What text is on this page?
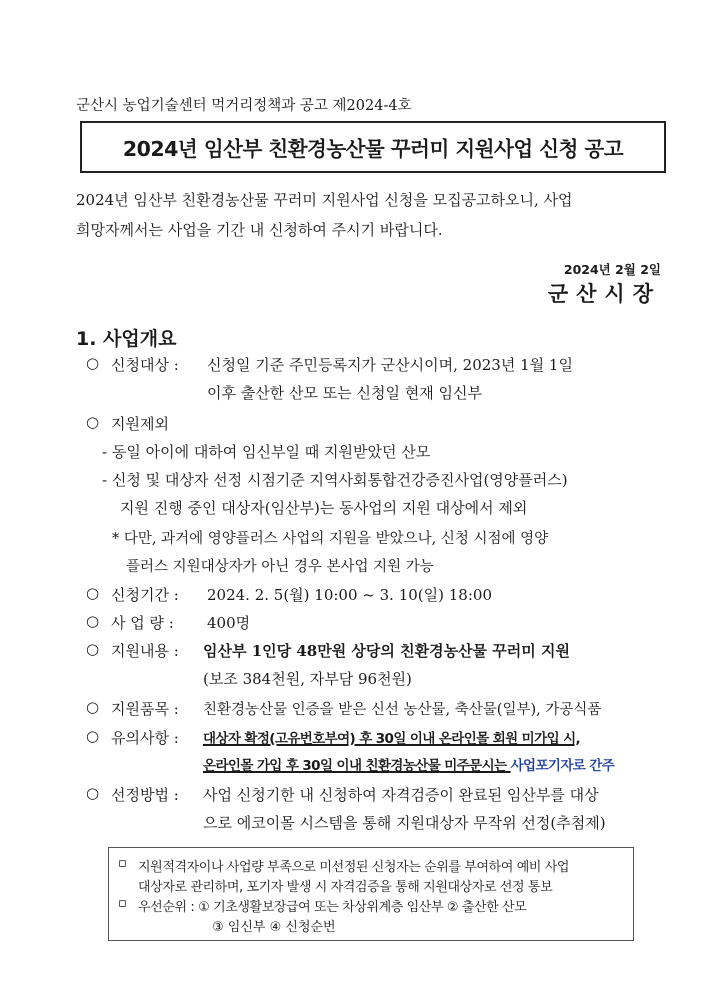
군산시 농업기술센터 먹거리정책과 공고 제2024-4호
2024년 임산부 친환경농산물 꾸러미 지원사업 신청 공고
2024년 임산부 친환경농산물 꾸러미 지원사업 신청을 모집공고하오니, 사업
희망자께서는 사업을 기간 내 신청하여 주시기 바랍니다.
2024년 2월 2일
군산시장
1. 사업개요
○ 신청대상 : 신청일 기준 주민등록지가 군산시이며, 2023년 1월 1일
이후 출산한 산모 또는 신청일 현재 임신부
○ 지원제외
- 동일 아이에 대하여 임신부일 때 지원받았던 산모
- 신청 및 대상자 선정 시점기준 지역사회통합건강증진사업(영양플러스)
지원 진행 중인 대상자(임산부)는 동사업의 지원 대상에서 제외
* 다만, 과거에 영양플러스 사업의 지원을 받았으나, 신청 시점에 영양
플러스 지원대상자가 아닌 경우 본사업 지원 가능
○ 신청기간 : 2024. 2. 5(월) 10:00 ~ 3. 10(일) 18:00
○ 사 업 량 : 400명
○ 지원내용 : 임산부 1인당 48만원 상당의 친환경농산물 꾸러미 지원
(보조 384천원, 자부담 96천원)
○ 지원품목 : 친환경농산물 인증을 받은 신선 농산물, 축산물(일부), 가공식품
○ 유의사항 : 대상자 확정(고유번호부여) 후 30일 이내 온라인몰 회원 미가입 시,
온라인몰 가입 후 30일 이내 친환경농산물 미주문시는 사업포기자로 간주
○ 선정방법 : 사업 신청기한 내 신청하여 자격검증이 완료된 임산부를 대상
으로 에코이몰 시스템을 통해 지원대상자 무작위 선정(추첨제)
▫ 지원적격자이나 사업량 부족으로 미선정된 신청자는 순위를 부여하여 예비 사업
대상자로 관리하며, 포기자 발생 시 자격검증을 통해 지원대상자로 선정 통보
▫ 우선순위 : ① 기초생활보장급여 또는 차상위계층 임산부 ② 출산한 산모
③ 임신부 ④ 신청순번
